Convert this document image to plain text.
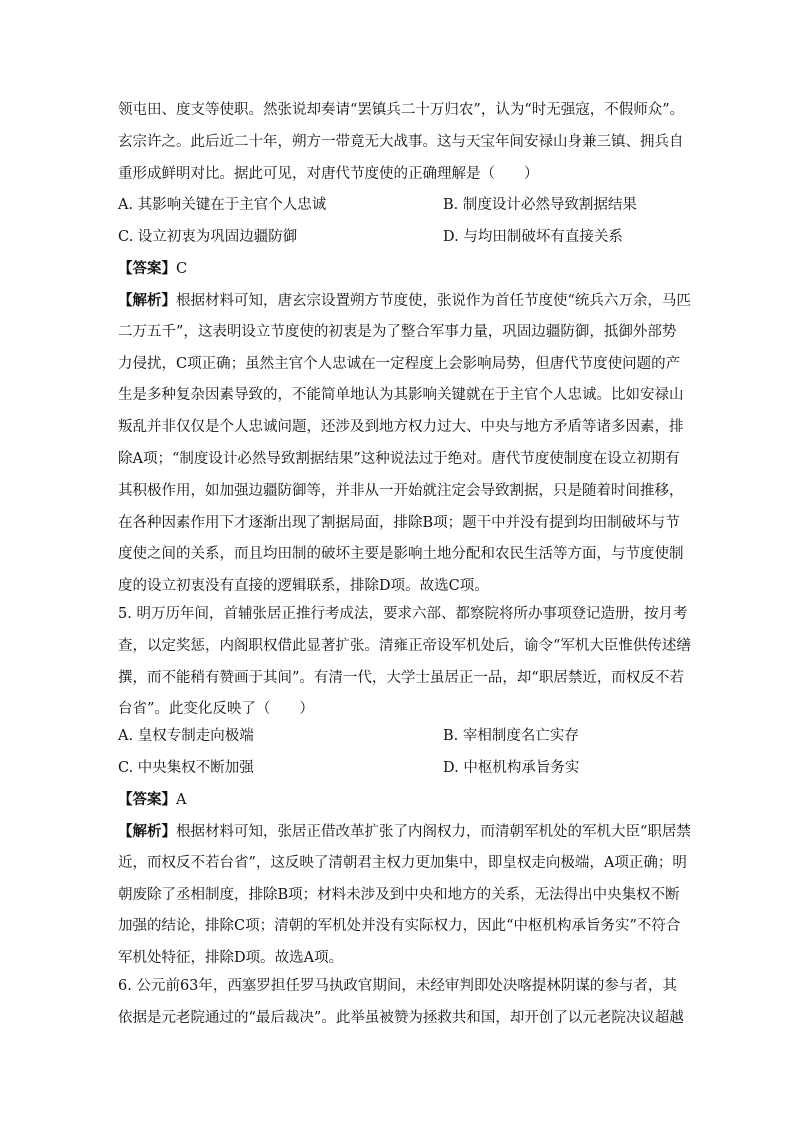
领屯田、度支等使职。然张说却奏请“罢镇兵二十万归农”，认为“时无强寇，不假师众”。
玄宗许之。此后近二十年，朔方一带竟无大战事。这与天宝年间安禄山身兼三镇、拥兵自
重形成鲜明对比。据此可见，对唐代节度使的正确理解是（　　）
A. 其影响关键在于主官个人忠诚	B. 制度设计必然导致割据结果
C. 设立初衷为巩固边疆防御	D. 与均田制破坏有直接关系
【答案】C
【解析】根据材料可知，唐玄宗设置朔方节度使，张说作为首任节度使“统兵六万余，马匹
二万五千”，这表明设立节度使的初衷是为了整合军事力量，巩固边疆防御，抵御外部势
力侵扰，C项正确；虽然主官个人忠诚在一定程度上会影响局势，但唐代节度使问题的产
生是多种复杂因素导致的，不能简单地认为其影响关键就在于主官个人忠诚。比如安禄山
叛乱并非仅仅是个人忠诚问题，还涉及到地方权力过大、中央与地方矛盾等诸多因素，排
除A项；“制度设计必然导致割据结果”这种说法过于绝对。唐代节度使制度在设立初期有
其积极作用，如加强边疆防御等，并非从一开始就注定会导致割据，只是随着时间推移，
在各种因素作用下才逐渐出现了割据局面，排除B项；题干中并没有提到均田制破坏与节
度使之间的关系，而且均田制的破坏主要是影响土地分配和农民生活等方面，与节度使制
度的设立初衷没有直接的逻辑联系，排除D项。故选C项。
5. 明万历年间，首辅张居正推行考成法，要求六部、都察院将所办事项登记造册，按月考
查，以定奖惩，内阁职权借此显著扩张。清雍正帝设军机处后，谕令“军机大臣惟供传述缮
撰，而不能稍有赞画于其间”。有清一代，大学士虽居正一品，却“职居禁近，而权反不若
台省”。此变化反映了（　　）
A. 皇权专制走向极端	B. 宰相制度名亡实存
C. 中央集权不断加强	D. 中枢机构承旨务实
【答案】A
【解析】根据材料可知，张居正借改革扩张了内阁权力，而清朝军机处的军机大臣“职居禁
近，而权反不若台省”，这反映了清朝君主权力更加集中，即皇权走向极端，A项正确；明
朝废除了丞相制度，排除B项；材料未涉及到中央和地方的关系，无法得出中央集权不断
加强的结论，排除C项；清朝的军机处并没有实际权力，因此“中枢机构承旨务实”不符合
军机处特征，排除D项。故选A项。
6. 公元前63年，西塞罗担任罗马执政官期间，未经审判即处决喀提林阴谋的参与者，其
依据是元老院通过的“最后裁决”。此举虽被赞为拯救共和国，却开创了以元老院决议超越
